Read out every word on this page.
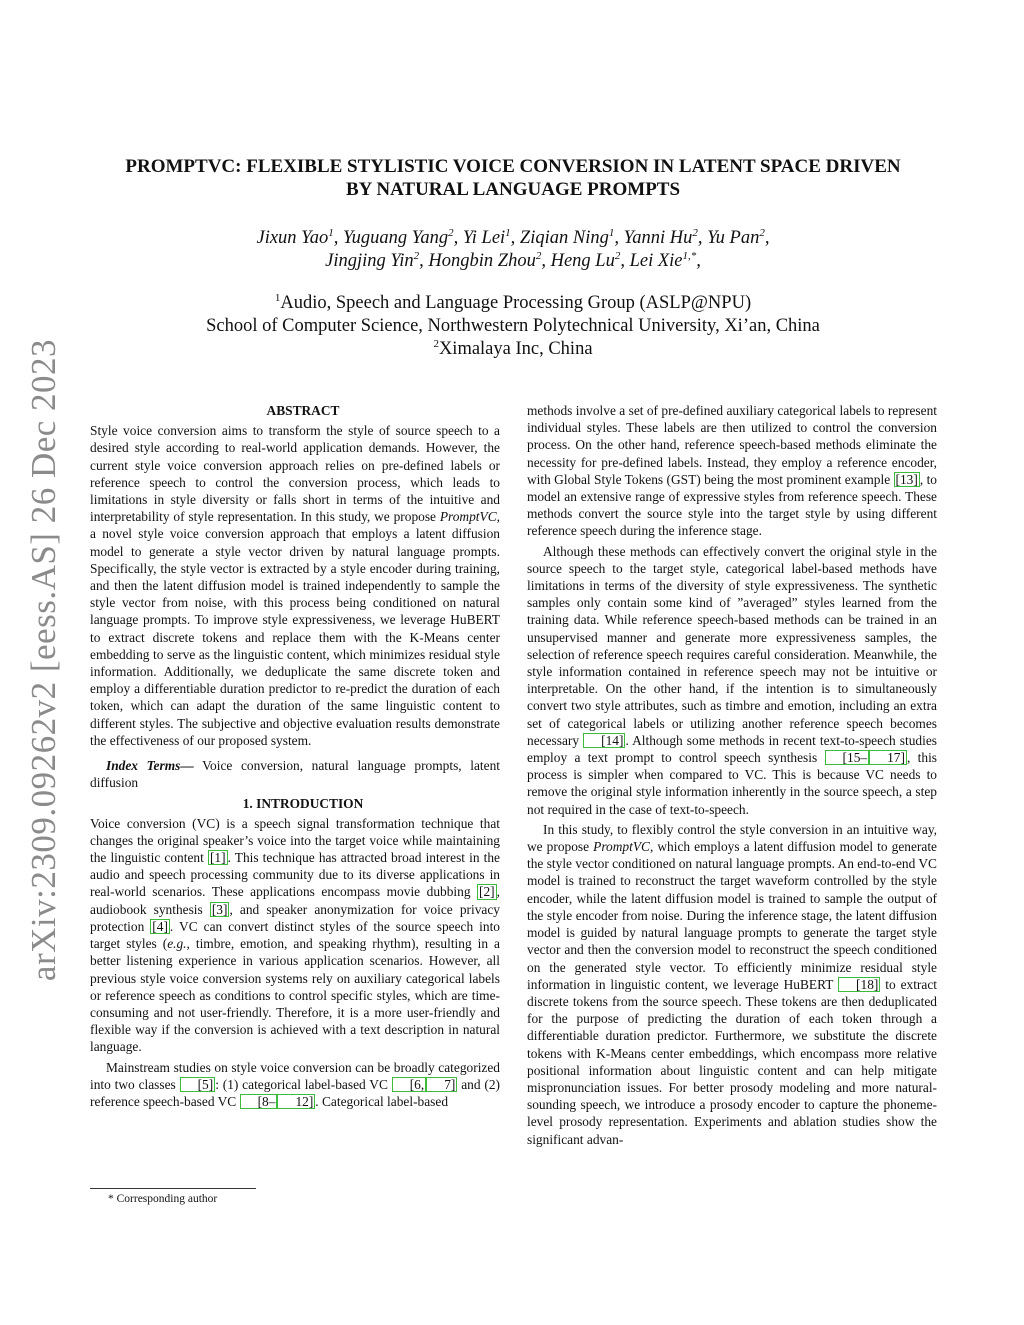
arXiv:2309.09262v2 [eess.AS] 26 Dec 2023
PROMPTVC: FLEXIBLE STYLISTIC VOICE CONVERSION IN LATENT SPACE DRIVEN
BY NATURAL LANGUAGE PROMPTS
Jixun Yao$^1$, Yuguang Yang$^2$, Yi Lei$^1$, Ziqian Ning$^1$, Yanni Hu$^2$, Yu Pan$^2$,
Jingjing Yin$^2$, Hongbin Zhou$^2$, Heng Lu$^2$, Lei Xie$^{1,*}$,
$^1$Audio, Speech and Language Processing Group (ASLP@NPU)
School of Computer Science, Northwestern Polytechnical University, Xi’an, China
$^2$Ximalaya Inc, China

ABSTRACT

Style voice conversion aims to transform the style of source speech to a desired style according to real-world application demands. However, the current style voice conversion approach relies on pre-defined labels or reference speech to control the conversion process, which leads to limitations in style diversity or falls short in terms of the intuitive and interpretability of style representation. In this study, we propose PromptVC, a novel style voice conversion approach that employs a latent diffusion model to generate a style vector driven by natural language prompts. Specifically, the style vector is extracted by a style encoder during training, and then the latent diffusion model is trained independently to sample the style vector from noise, with this process being conditioned on natural language prompts. To improve style expressiveness, we leverage HuBERT to extract discrete tokens and replace them with the K-Means center embedding to serve as the linguistic content, which minimizes residual style information. Additionally, we deduplicate the same discrete token and employ a differentiable duration predictor to re-predict the duration of each token, which can adapt the duration of the same linguistic content to different styles. The subjective and objective evaluation results demonstrate the effectiveness of our proposed system.

Index Terms— Voice conversion, natural language prompts, latent diffusion

1. INTRODUCTION

Voice conversion (VC) is a speech signal transformation technique that changes the original speaker’s voice into the target voice while maintaining the linguistic content [1] . This technique has attracted broad interest in the audio and speech processing community due to its diverse applications in real-world scenarios. These applications encompass movie dubbing [2] , audiobook synthesis [3] , and speaker anonymization for voice privacy protection [4] . VC can convert distinct styles of the source speech into target styles (e.g., timbre, emotion, and speaking rhythm), resulting in a better listening experience in various application scenarios. However, all previous style voice conversion systems rely on auxiliary categorical labels or reference speech as conditions to control specific styles, which are time-consuming and not user-friendly. Therefore, it is a more user-friendly and flexible way if the conversion is achieved with a text description in natural language.

Mainstream studies on style voice conversion can be broadly categorized into two classes [5] : (1) categorical label-based VC [6, 7] and (2) reference speech-based VC [8– 12] . Categorical label-based

* Corresponding author

methods involve a set of pre-defined auxiliary categorical labels to represent individual styles. These labels are then utilized to control the conversion process. On the other hand, reference speech-based methods eliminate the necessity for pre-defined labels. Instead, they employ a reference encoder, with Global Style Tokens (GST) being the most prominent example [13] , to model an extensive range of expressive styles from reference speech. These methods convert the source style into the target style by using different reference speech during the inference stage.

Although these methods can effectively convert the original style in the source speech to the target style, categorical label-based methods have limitations in terms of the diversity of style expressiveness. The synthetic samples only contain some kind of ”averaged” styles learned from the training data. While reference speech-based methods can be trained in an unsupervised manner and generate more expressiveness samples, the selection of reference speech requires careful consideration. Meanwhile, the style information contained in reference speech may not be intuitive or interpretable. On the other hand, if the intention is to simultaneously convert two style attributes, such as timbre and emotion, including an extra set of categorical labels or utilizing another reference speech becomes necessary [14] . Although some methods in recent text-to-speech studies employ a text prompt to control speech synthesis [15– 17] , this process is simpler when compared to VC. This is because VC needs to remove the original style information inherently in the source speech, a step not required in the case of text-to-speech.

In this study, to flexibly control the style conversion in an intuitive way, we propose PromptVC, which employs a latent diffusion model to generate the style vector conditioned on natural language prompts. An end-to-end VC model is trained to reconstruct the target waveform controlled by the style encoder, while the latent diffusion model is trained to sample the output of the style encoder from noise. During the inference stage, the latent diffusion model is guided by natural language prompts to generate the target style vector and then the conversion model to reconstruct the speech conditioned on the generated style vector. To efficiently minimize residual style information in linguistic content, we leverage HuBERT [18] to extract discrete tokens from the source speech. These tokens are then deduplicated for the purpose of predicting the duration of each token through a differentiable duration predictor. Furthermore, we substitute the discrete tokens with K-Means center embeddings, which encompass more relative positional information about linguistic content and can help mitigate mispronunciation issues. For better prosody modeling and more natural-sounding speech, we introduce a prosody encoder to capture the phoneme-level prosody representation. Experiments and ablation studies show the significant advan-
